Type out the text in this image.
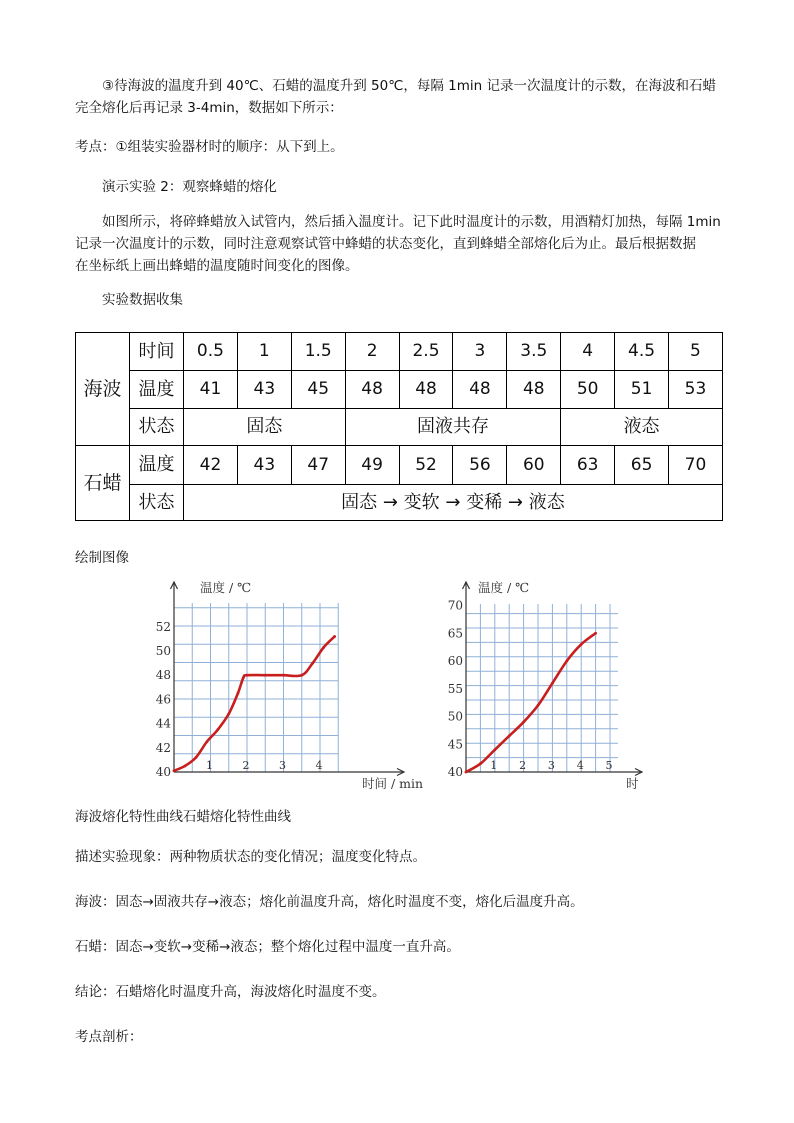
③待海波的温度升到 40℃、石蜡的温度升到 50℃，每隔 1min 记录一次温度计的示数，在海波和石蜡

完全熔化后再记录 3-4min，数据如下所示：

考点：①组装实验器材时的顺序：从下到上。

演示实验 2：观察蜂蜡的熔化

如图所示，将碎蜂蜡放入试管内，然后插入温度计。记下此时温度计的示数，用酒精灯加热，每隔 1min

记录一次温度计的示数，同时注意观察试管中蜂蜡的状态变化，直到蜂蜡全部熔化后为止。最后根据数据

在坐标纸上画出蜂蜡的温度随时间变化的图像。

实验数据收集

海波	时间	0.5	1	1.5	2	2.5	3	3.5	4	4.5	5
	温度	41	43	45	48	48	48	48	50	51	53
	状态	固态			固液共存				液态		
石蜡	温度	42	43	47	49	52	56	60	63	65	70
	状态	固态 → 变软 → 变稀 → 液态									

绘制图像

40
42
44
46
48
50
52
1	2	3	4
温度 / ℃
时间 / min
40
45
50
55
60
65
70
1 2 3 4 5
温度 / ℃
时

海波熔化特性曲线石蜡熔化特性曲线

描述实验现象：两种物质状态的变化情况；温度变化特点。

海波：固态→固液共存→液态；熔化前温度升高，熔化时温度不变，熔化后温度升高。

石蜡：固态→变软→变稀→液态；整个熔化过程中温度一直升高。

结论：石蜡熔化时温度升高，海波熔化时温度不变。

考点剖析：
